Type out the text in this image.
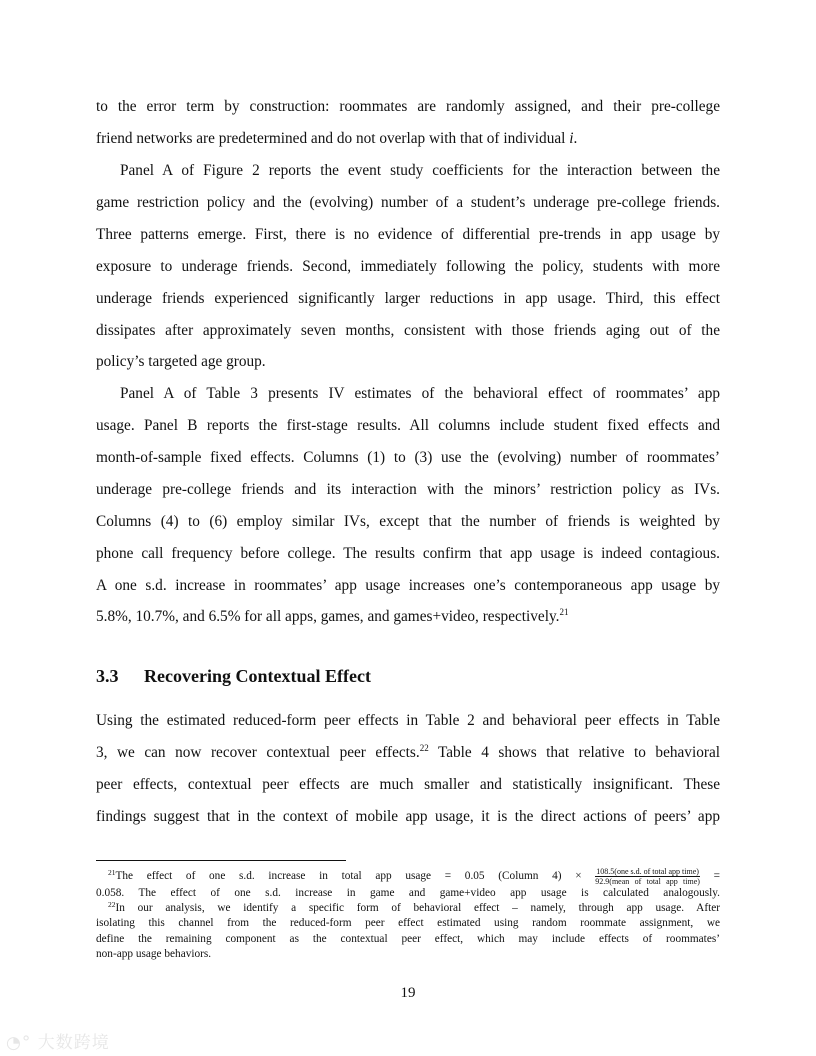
to the error term by construction: roommates are randomly assigned, and their pre-college
friend networks are predetermined and do not overlap with that of individual i.
Panel A of Figure 2 reports the event study coefficients for the interaction between the
game restriction policy and the (evolving) number of a student’s underage pre-college friends.
Three patterns emerge. First, there is no evidence of differential pre-trends in app usage by
exposure to underage friends. Second, immediately following the policy, students with more
underage friends experienced significantly larger reductions in app usage. Third, this effect
dissipates after approximately seven months, consistent with those friends aging out of the
policy’s targeted age group.
Panel A of Table 3 presents IV estimates of the behavioral effect of roommates’ app
usage. Panel B reports the first-stage results. All columns include student fixed effects and
month-of-sample fixed effects. Columns (1) to (3) use the (evolving) number of roommates’
underage pre-college friends and its interaction with the minors’ restriction policy as IVs.
Columns (4) to (6) employ similar IVs, except that the number of friends is weighted by
phone call frequency before college. The results confirm that app usage is indeed contagious.
A one s.d. increase in roommates’ app usage increases one’s contemporaneous app usage by
5.8%, 10.7%, and 6.5% for all apps, games, and games+video, respectively.$^{21}$
Using the estimated reduced-form peer effects in Table 2 and behavioral peer effects in Table
3, we can now recover contextual peer effects.$^{22}$ Table 4 shows that relative to behavioral
peer effects, contextual peer effects are much smaller and statistically insignificant. These
findings suggest that in the context of mobile app usage, it is the direct actions of peers’ app
3.3 Recovering Contextual Effect
$^{21}$The effect of one s.d. increase in total app usage = 0.05 (Column $4) \times \frac{\text{108.5(one s.d. of total app time)}}{\text{92.9(mean of total app time)}}$ =
0.058. The effect of one s.d. increase in game and game+video app usage is calculated analogously.
$^{22}$In our analysis, we identify a specific form of behavioral effect – namely, through app usage. After
isolating this channel from the reduced-form peer effect estimated using random roommate assignment, we
define the remaining component as the contextual peer effect, which may include effects of roommates’
non-app usage behaviors.
19
◔° 大数跨境
